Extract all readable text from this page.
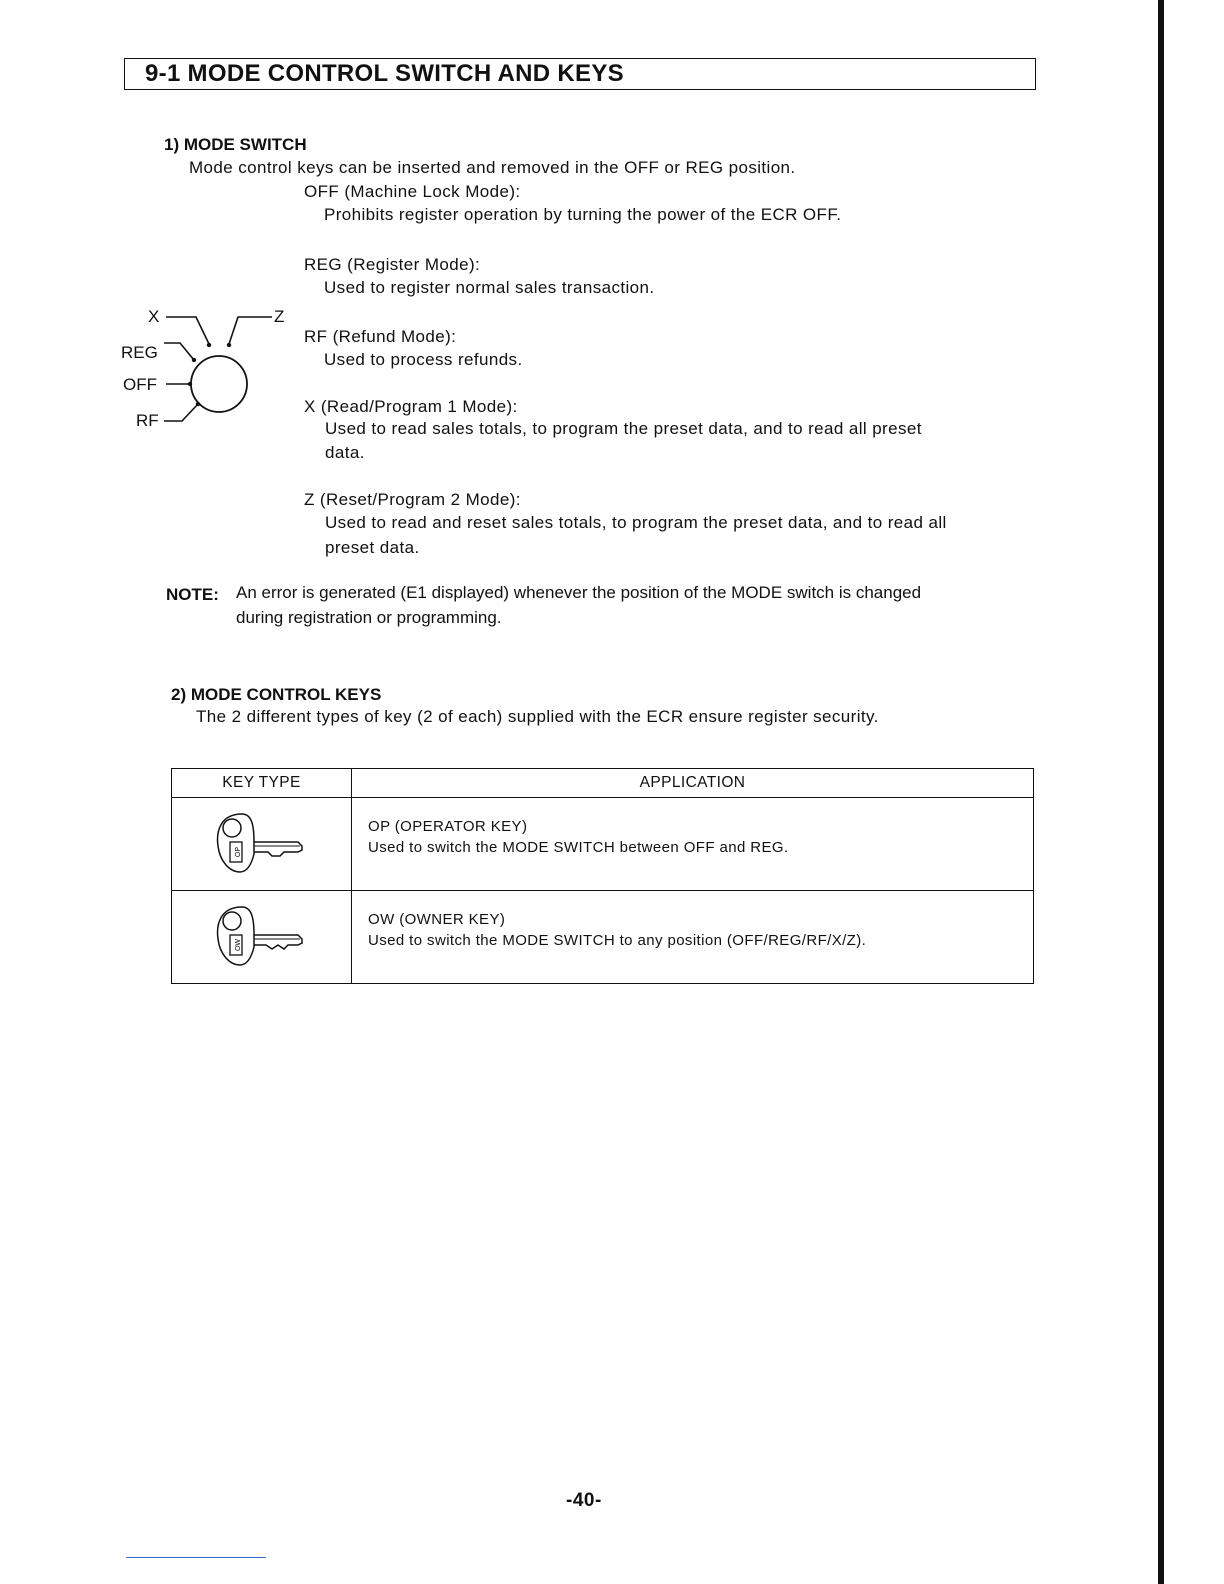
9-1 MODE CONTROL SWITCH AND KEYS
1) MODE SWITCH
Mode control keys can be inserted and removed in the OFF or REG position.
OFF (Machine Lock Mode):
Prohibits register operation by turning the power of the ECR OFF.
REG (Register Mode):
Used to register normal sales transaction.
RF (Refund Mode):
Used to process refunds.
X (Read/Program 1 Mode):
Used to read sales totals, to program the preset data, and to read all preset
data.
Z (Reset/Program 2 Mode):
Used to read and reset sales totals, to program the preset data, and to read all
preset data.
X	Z
REG
OFF
RF
NOTE: An error is generated (E1 displayed) whenever the position of the MODE switch is changed
during registration or programming.
2) MODE CONTROL KEYS
The 2 different types of key (2 of each) supplied with the ECR ensure register security.
KEY TYPE	APPLICATION

OP	OP (OPERATOR KEY)
Used to switch the MODE SWITCH between OFF and REG.

OW	OW (OWNER KEY)
Used to switch the MODE SWITCH to any position (OFF/REG/RF/X/Z).
-40-
